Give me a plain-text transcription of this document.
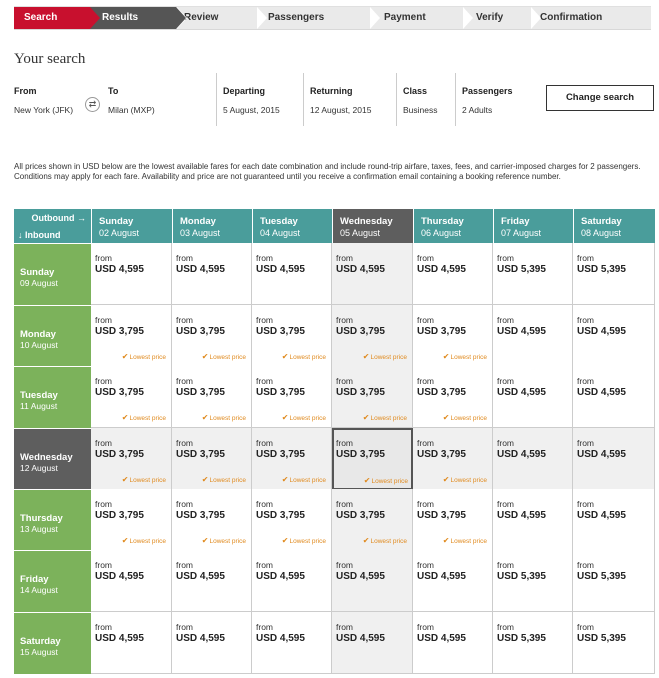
Search	Results	Review	Passengers	Payment	Verify	Confirmation
Your search
From
New York (JFK)
⇄
To
Milan (MXP)
Departing
5 August, 2015
Returning
12 August, 2015
Class
Business
Passengers
2 Adults
Change search
All prices shown in USD below are the lowest available fares for each date combination and include round-trip airfare, taxes, fees, and carrier-imposed charges for 2 passengers. Conditions may apply for each fare. Availability and price are not guaranteed until you receive a confirmation email containing a booking reference number.
Outbound →
↓ Inbound
Sunday
02 August
Monday
03 August
Tuesday
04 August
Wednesday
05 August
Thursday
06 August
Friday
07 August
Saturday
08 August
Sunday
09 August
from
USD 4,595
from
USD 4,595
from
USD 4,595
from
USD 4,595
from
USD 4,595
from
USD 5,395
from
USD 5,395
Monday
10 August
from
USD 3,795
✔Lowest price
from
USD 3,795
✔Lowest price
from
USD 3,795
✔Lowest price
from
USD 3,795
✔Lowest price
from
USD 3,795
✔Lowest price
from
USD 4,595
from
USD 4,595
Tuesday
11 August
from
USD 3,795
✔Lowest price
from
USD 3,795
✔Lowest price
from
USD 3,795
✔Lowest price
from
USD 3,795
✔Lowest price
from
USD 3,795
✔Lowest price
from
USD 4,595
from
USD 4,595
Wednesday
12 August
from
USD 3,795
✔Lowest price
from
USD 3,795
✔Lowest price
from
USD 3,795
✔Lowest price
from
USD 3,795
✔Lowest price
from
USD 3,795
✔Lowest price
from
USD 4,595
from
USD 4,595
Thursday
13 August
from
USD 3,795
✔Lowest price
from
USD 3,795
✔Lowest price
from
USD 3,795
✔Lowest price
from
USD 3,795
✔Lowest price
from
USD 3,795
✔Lowest price
from
USD 4,595
from
USD 4,595
Friday
14 August
from
USD 4,595
from
USD 4,595
from
USD 4,595
from
USD 4,595
from
USD 4,595
from
USD 5,395
from
USD 5,395
Saturday
15 August
from
USD 4,595
from
USD 4,595
from
USD 4,595
from
USD 4,595
from
USD 4,595
from
USD 5,395
from
USD 5,395
